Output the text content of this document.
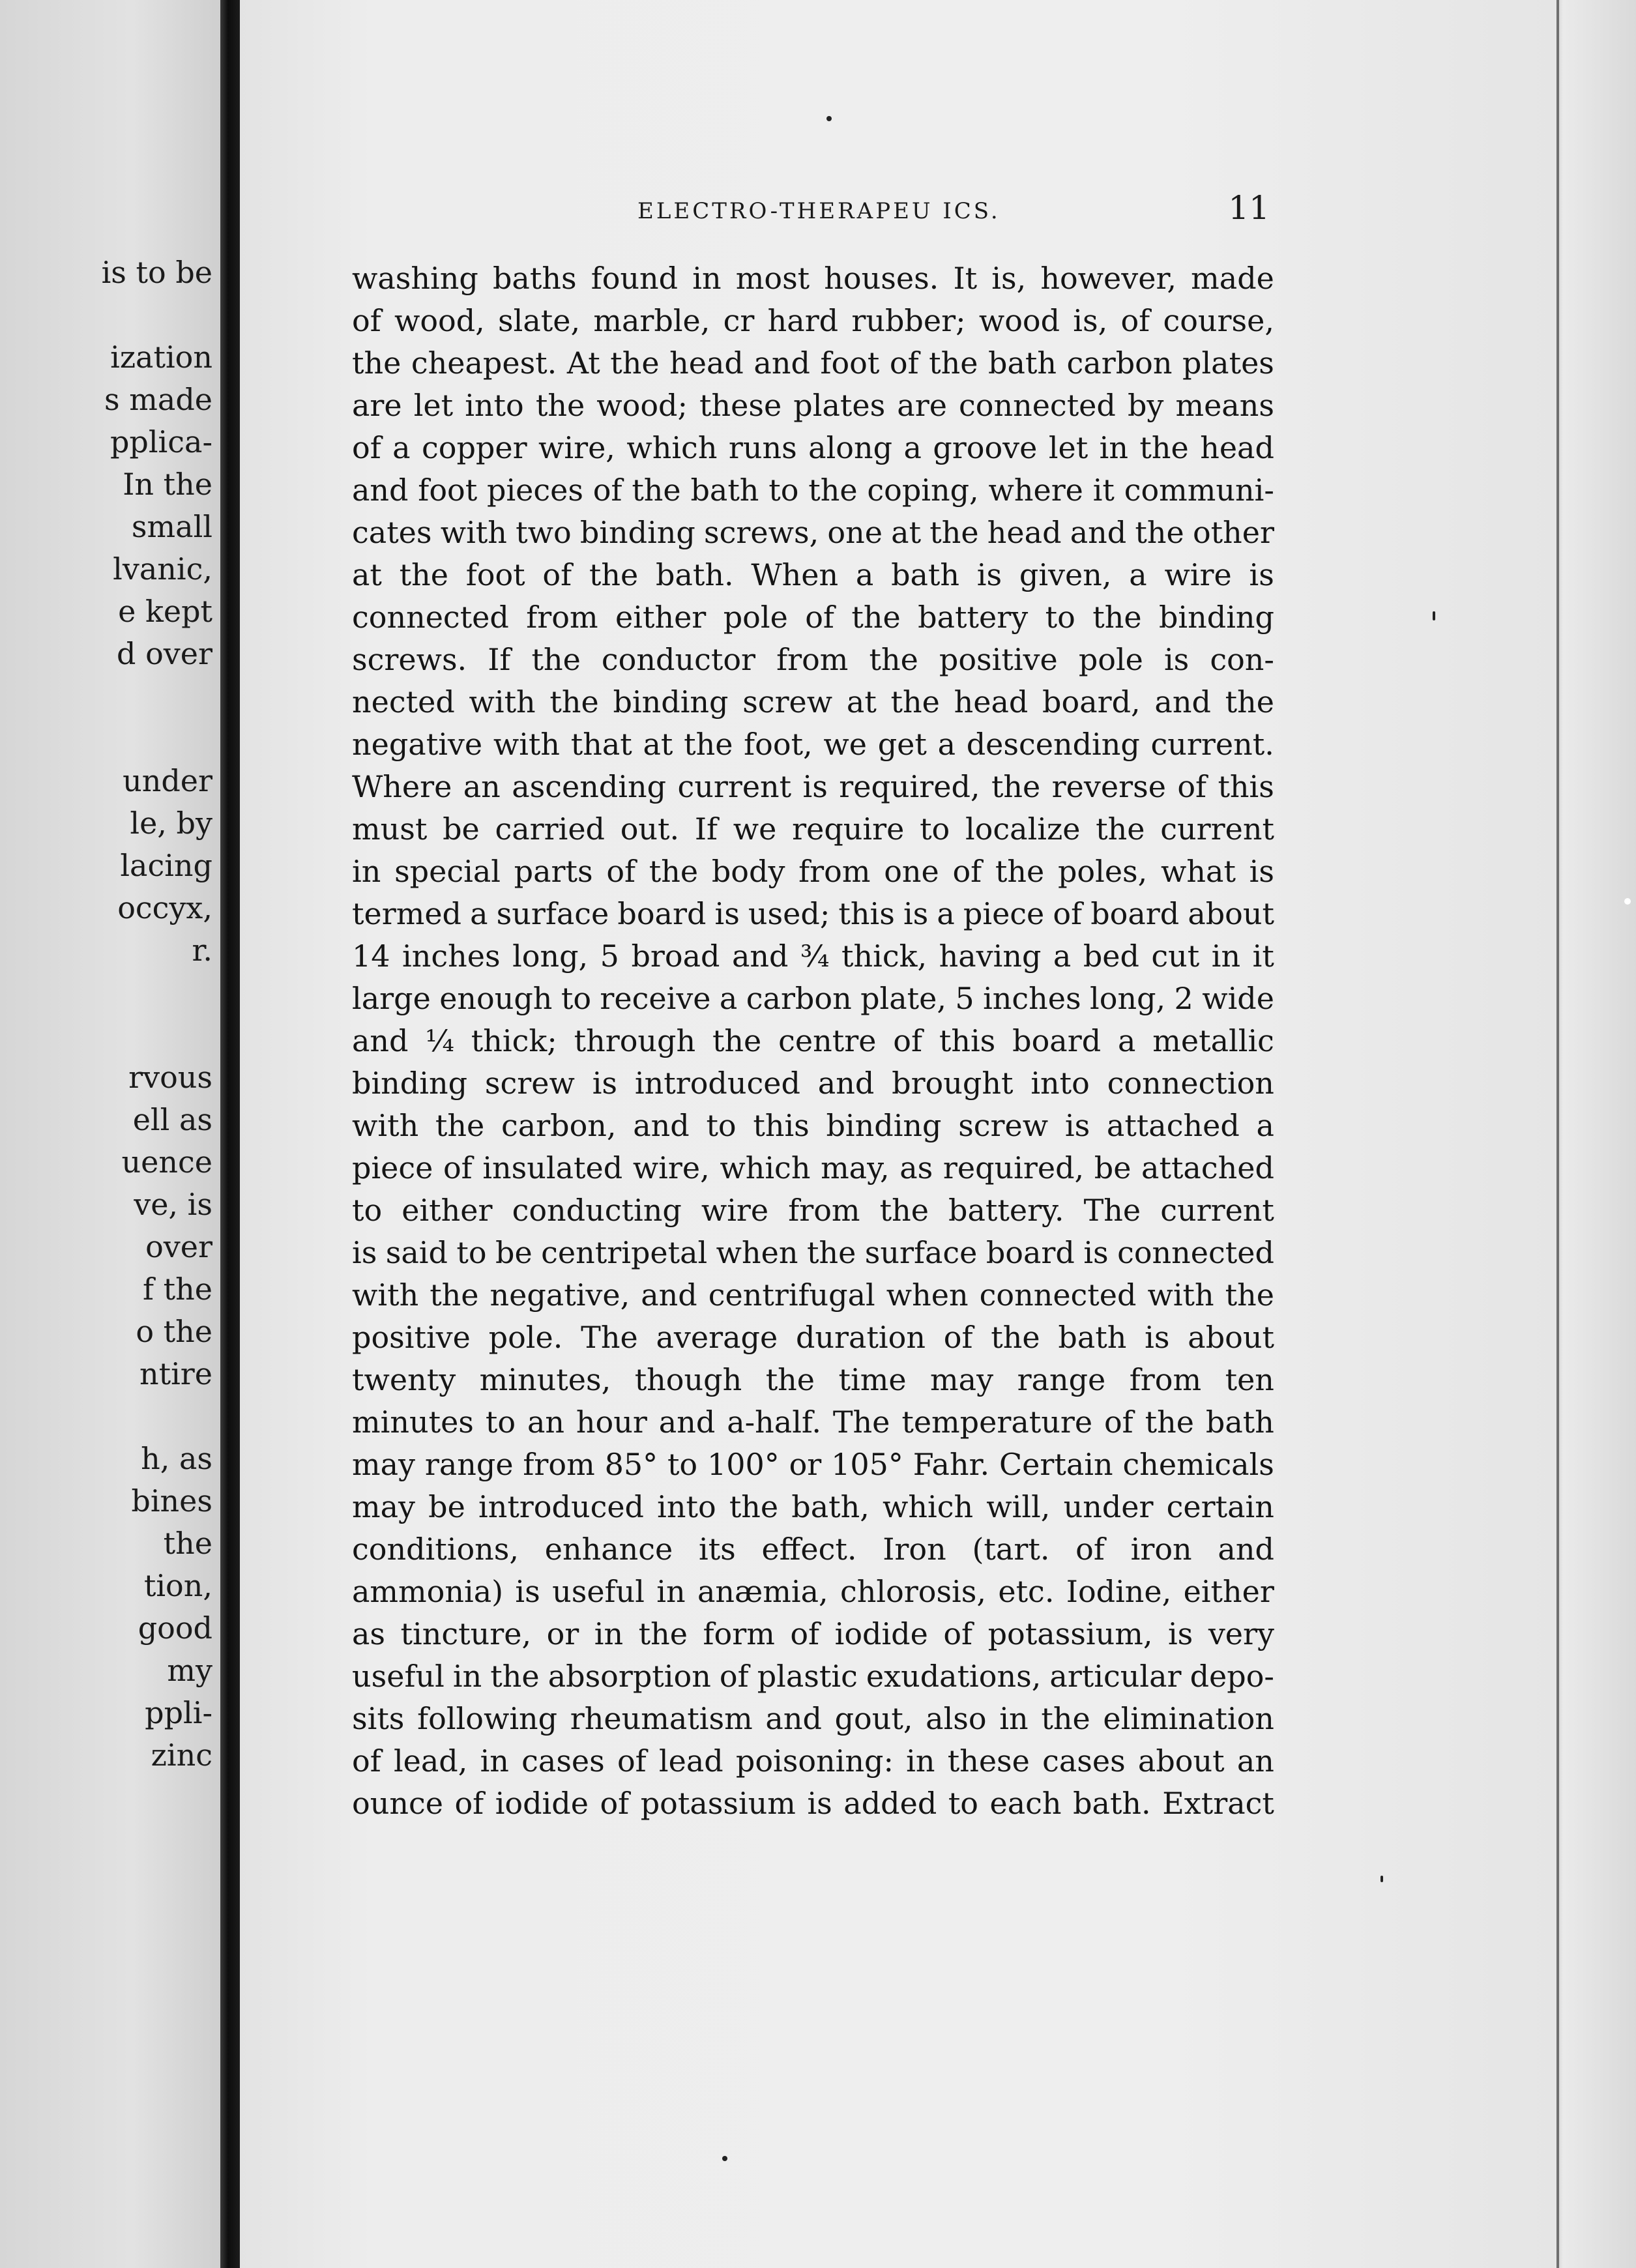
is to be
ization
s made
pplica-
In the
small
lvanic,
e kept
d over
under
le, by
lacing
occyx,
r.
rvous
ell as
uence
ve, is
over
f the
o the
ntire
h, as
bines
the
tion,
good
my
ppli-
zinc
ELECTRO-THERAPEU ICS.	11
washing baths found in most houses. It is, however, made
of wood, slate, marble, cr hard rubber; wood is, of course,
the cheapest. At the head and foot of the bath carbon plates
are let into the wood; these plates are connected by means
of a copper wire, which runs along a groove let in the head
and foot pieces of the bath to the coping, where it communi-
cates with two binding screws, one at the head and the other
at the foot of the bath. When a bath is given, a wire is
connected from either pole of the battery to the binding
screws. If the conductor from the positive pole is con-
nected with the binding screw at the head board, and the
negative with that at the foot, we get a descending current.
Where an ascending current is required, the reverse of this
must be carried out. If we require to localize the current
in special parts of the body from one of the poles, what is
termed a surface board is used; this is a piece of board about
14 inches long, 5 broad and ¾ thick, having a bed cut in it
large enough to receive a carbon plate, 5 inches long, 2 wide
and ¼ thick; through the centre of this board a metallic
binding screw is introduced and brought into connection
with the carbon, and to this binding screw is attached a
piece of insulated wire, which may, as required, be attached
to either conducting wire from the battery. The current
is said to be centripetal when the surface board is connected
with the negative, and centrifugal when connected with the
positive pole. The average duration of the bath is about
twenty minutes, though the time may range from ten
minutes to an hour and a-half. The temperature of the bath
may range from 85° to 100° or 105° Fahr. Certain chemicals
may be introduced into the bath, which will, under certain
conditions, enhance its effect. Iron (tart. of iron and
ammonia) is useful in anæmia, chlorosis, etc. Iodine, either
as tincture, or in the form of iodide of potassium, is very
useful in the absorption of plastic exudations, articular depo-
sits following rheumatism and gout, also in the elimination
of lead, in cases of lead poisoning: in these cases about an
ounce of iodide of potassium is added to each bath. Extract
